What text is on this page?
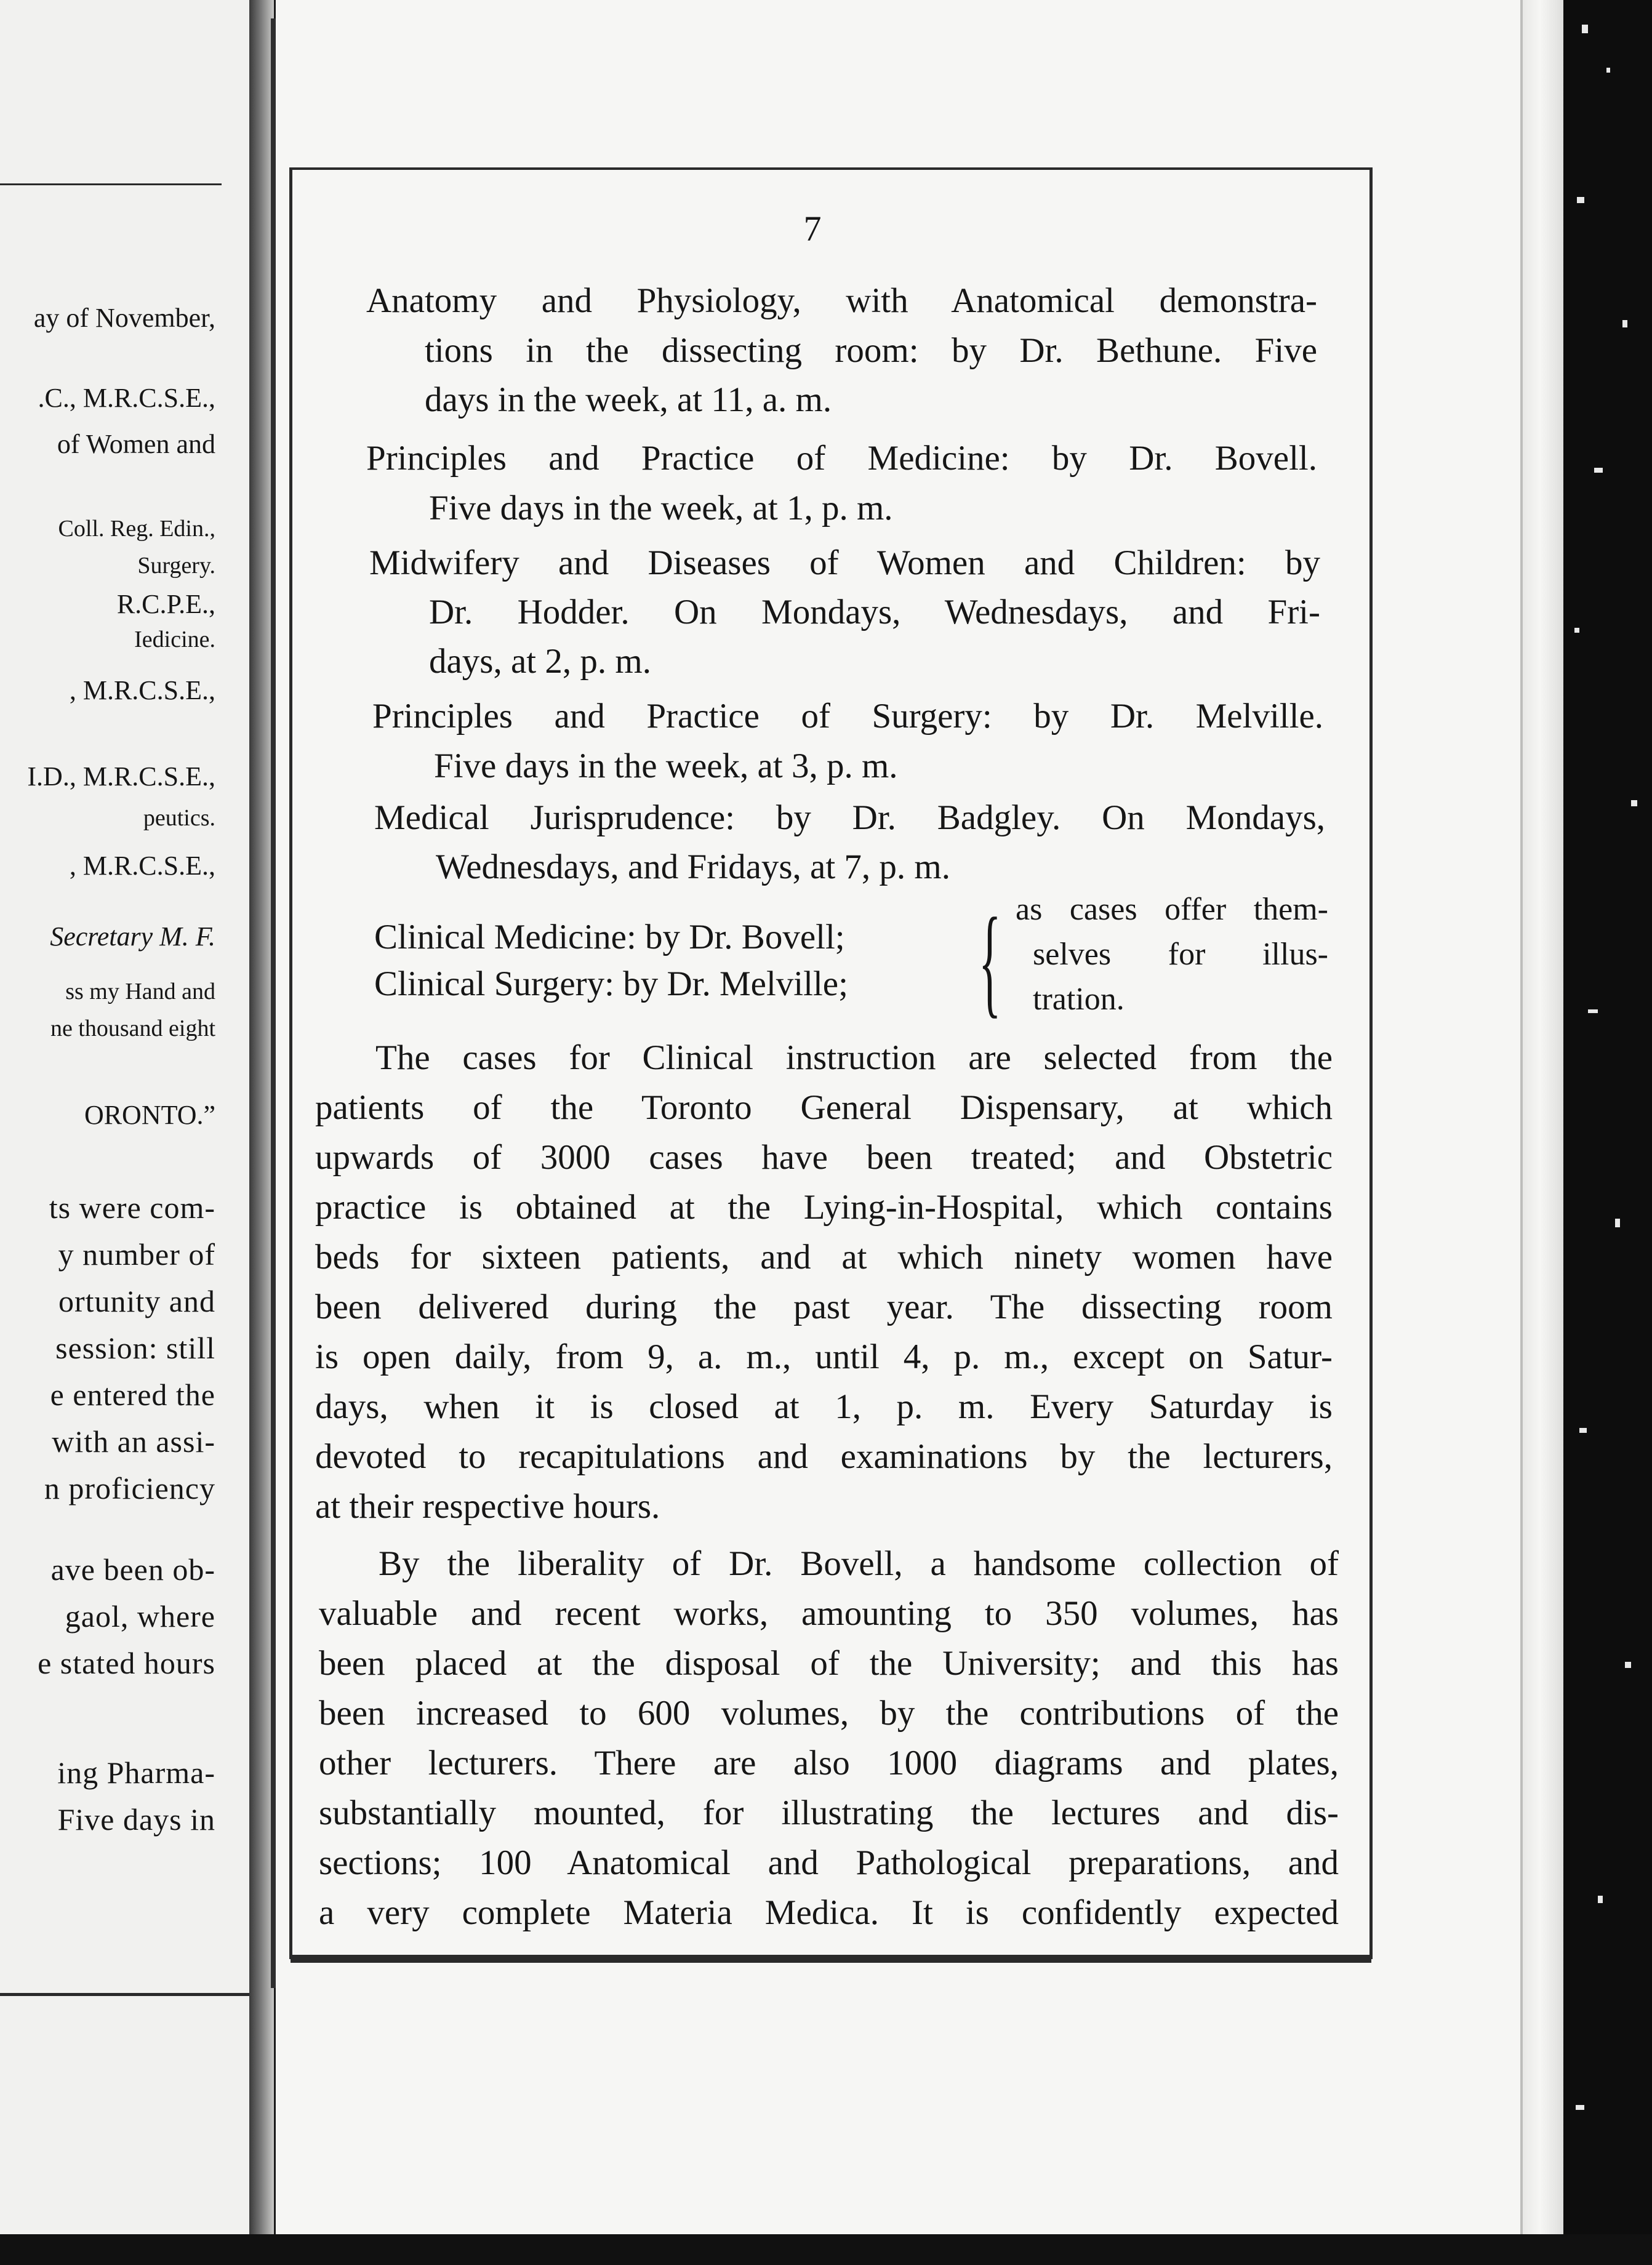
ay of November,
.C., M.R.C.S.E.,
of Women and
Coll. Reg. Edin.,
Surgery.
R.C.P.E.,
Iedicine.
, M.R.C.S.E.,
I.D., M.R.C.S.E.,
peutics.
, M.R.C.S.E.,
Secretary M. F.
ss my Hand and
ne thousand eight
ORONTO.”
ts were com-
y number of
ortunity and
session: still
e entered the
with an assi-
n proficiency
ave been ob-
gaol, where
e stated hours
ing Pharma-
Five days in
7
Anatomy and Physiology, with Anatomical demonstra-
tions in the dissecting room: by Dr. Bethune. Five
days in the week, at 11, a. m.
Principles and Practice of Medicine: by Dr. Bovell.
Five days in the week, at 1, p. m.
Midwifery and Diseases of Women and Children: by
Dr. Hodder. On Mondays, Wednesdays, and Fri-
days, at 2, p. m.
Principles and Practice of Surgery: by Dr. Melville.
Five days in the week, at 3, p. m.
Medical Jurisprudence: by Dr. Badgley. On Mondays,
Wednesdays, and Fridays, at 7, p. m.
Clinical Medicine: by Dr. Bovell;
Clinical Surgery: by Dr. Melville; { as cases offer them-
selves for illus-
tration.
The cases for Clinical instruction are selected from the
patients of the Toronto General Dispensary, at which
upwards of 3000 cases have been treated; and Obstetric
practice is obtained at the Lying-in-Hospital, which contains
beds for sixteen patients, and at which ninety women have
been delivered during the past year. The dissecting room
is open daily, from 9, a. m., until 4, p. m., except on Satur-
days, when it is closed at 1, p. m. Every Saturday is
devoted to recapitulations and examinations by the lecturers,
at their respective hours.
By the liberality of Dr. Bovell, a handsome collection of
valuable and recent works, amounting to 350 volumes, has
been placed at the disposal of the University; and this has
been increased to 600 volumes, by the contributions of the
other lecturers. There are also 1000 diagrams and plates,
substantially mounted, for illustrating the lectures and dis-
sections; 100 Anatomical and Pathological preparations, and
a very complete Materia Medica. It is confidently expected
